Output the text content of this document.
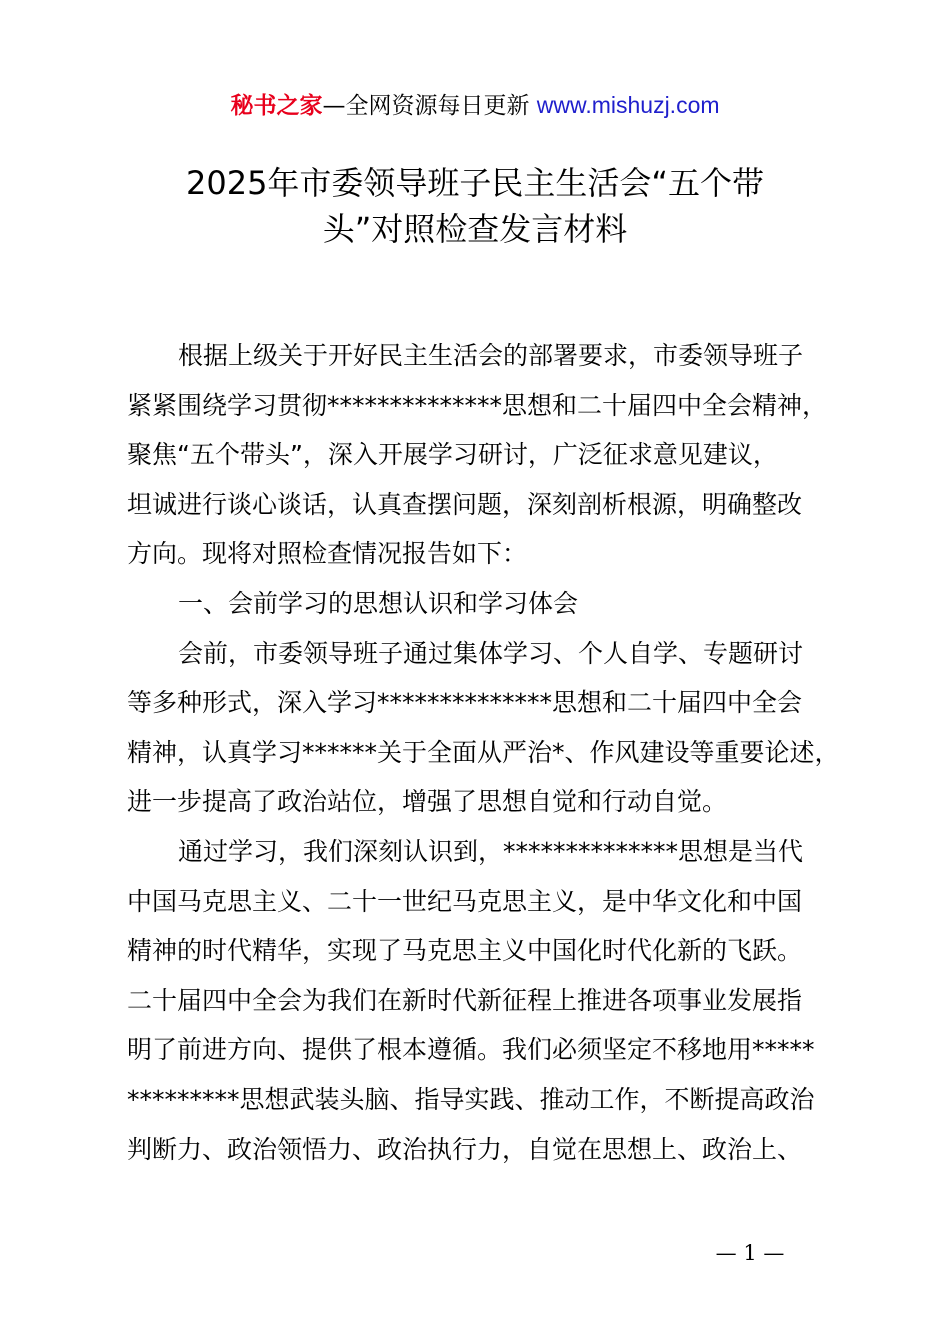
秘书之家—全网资源每日更新 www.mishuzj.com
2025年市委领导班子民主生活会“五个带
头”对照检查发言材料
根据上级关于开好民主生活会的部署要求，市委领导班子
紧紧围绕学习贯彻**************思想和二十届四中全会精神，
聚焦“五个带头”，深入开展学习研讨，广泛征求意见建议，
坦诚进行谈心谈话，认真查摆问题，深刻剖析根源，明确整改
方向。现将对照检查情况报告如下：
一、会前学习的思想认识和学习体会
会前，市委领导班子通过集体学习、个人自学、专题研讨
等多种形式，深入学习**************思想和二十届四中全会
精神，认真学习******关于全面从严治*、作风建设等重要论述，
进一步提高了政治站位，增强了思想自觉和行动自觉。
通过学习，我们深刻认识到，**************思想是当代
中国马克思主义、二十一世纪马克思主义，是中华文化和中国
精神的时代精华，实现了马克思主义中国化时代化新的飞跃。
二十届四中全会为我们在新时代新征程上推进各项事业发展指
明了前进方向、提供了根本遵循。我们必须坚定不移地用*****
*********思想武装头脑、指导实践、推动工作，不断提高政治
判断力、政治领悟力、政治执行力，自觉在思想上、政治上、
— 1 —
